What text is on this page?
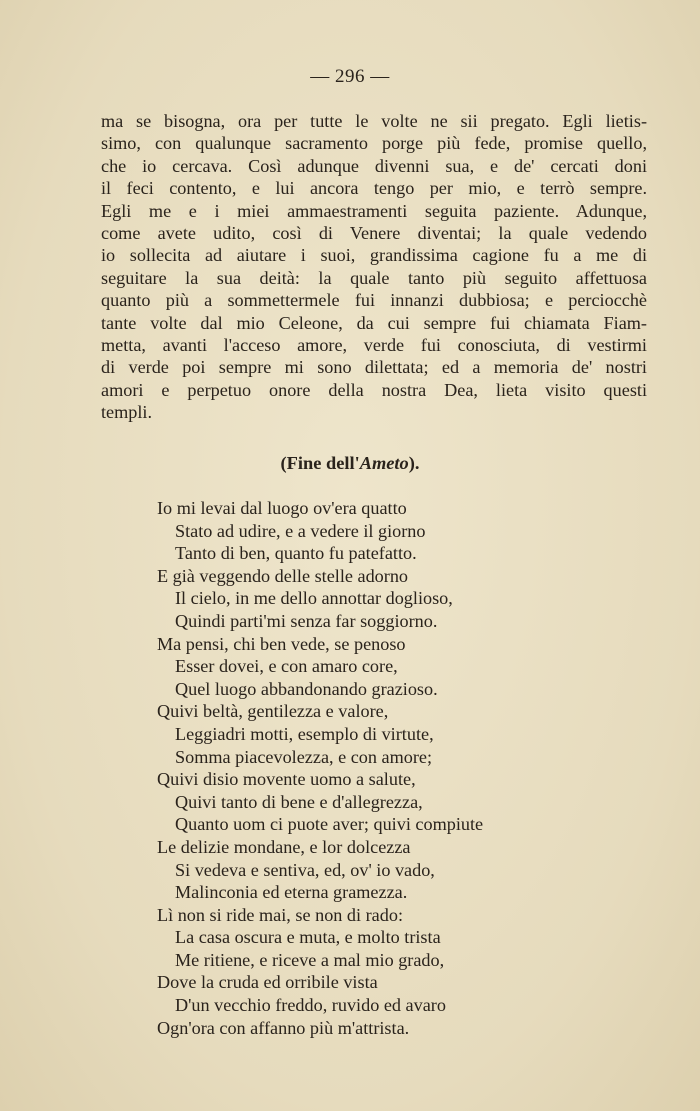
— 296 —
ma se bisogna, ora per tutte le volte ne sii pregato. Egli lietis-
simo, con qualunque sacramento porge più fede, promise quello,
che io cercava. Così adunque divenni sua, e de' cercati doni
il feci contento, e lui ancora tengo per mio, e terrò sempre.
Egli me e i miei ammaestramenti seguita paziente. Adunque,
come avete udito, così di Venere diventai; la quale vedendo
io sollecita ad aiutare i suoi, grandissima cagione fu a me di
seguitare la sua deità: la quale tanto più seguito affettuosa
quanto più a sommettermele fui innanzi dubbiosa; e perciocchè
tante volte dal mio Celeone, da cui sempre fui chiamata Fiam-
metta, avanti l'acceso amore, verde fui conosciuta, di vestirmi
di verde poi sempre mi sono dilettata; ed a memoria de' nostri
amori e perpetuo onore della nostra Dea, lieta visito questi
templi.
(Fine dell'Ameto).
Io mi levai dal luogo ov'era quatto
Stato ad udire, e a vedere il giorno
Tanto di ben, quanto fu patefatto.
E già veggendo delle stelle adorno
Il cielo, in me dello annottar doglioso,
Quindi parti'mi senza far soggiorno.
Ma pensi, chi ben vede, se penoso
Esser dovei, e con amaro core,
Quel luogo abbandonando grazioso.
Quivi beltà, gentilezza e valore,
Leggiadri motti, esemplo di virtute,
Somma piacevolezza, e con amore;
Quivi disio movente uomo a salute,
Quivi tanto di bene e d'allegrezza,
Quanto uom ci puote aver; quivi compiute
Le delizie mondane, e lor dolcezza
Si vedeva e sentiva, ed, ov' io vado,
Malinconia ed eterna gramezza.
Lì non si ride mai, se non di rado:
La casa oscura e muta, e molto trista
Me ritiene, e riceve a mal mio grado,
Dove la cruda ed orribile vista
D'un vecchio freddo, ruvido ed avaro
Ogn'ora con affanno più m'attrista.
